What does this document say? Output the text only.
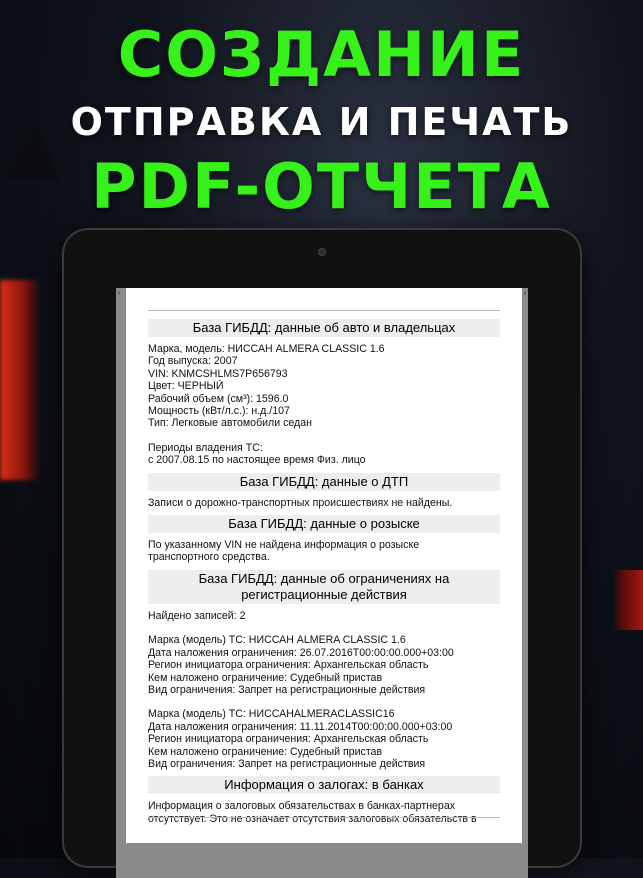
СОЗДАНИЕ
ОТПРАВКА И ПЕЧАТЬ
PDF-ОТЧЕТА
‹	›
База ГИБДД: данные об авто и владельцах
Марка, модель: НИССАН ALMERA CLASSIC 1.6
Год выпуска: 2007
VIN: KNMCSHLMS7P656793
Цвет: ЧЕРНЫЙ
Рабочий объем (см³): 1596.0
Мощность (кВт/л.с.): н.д./107
Тип: Легковые автомобили седан
Периоды владения ТС:
с 2007.08.15 по настоящее время Физ. лицо
База ГИБДД: данные о ДТП
Записи о дорожно-транспортных происшествиях не найдены.
База ГИБДД: данные о розыске
По указанному VIN не найдена информация о розыске
транспортного средства.
База ГИБДД: данные об ограничениях на
регистрационные действия
Найдено записей: 2
Марка (модель) ТС: НИССАН ALMERA CLASSIC 1.6
Дата наложения ограничения: 26.07.2016T00:00:00.000+03:00
Регион инициатора ограничения: Архангельская область
Кем наложено ограничение: Судебный пристав
Вид ограничения: Запрет на регистрационные действия
Марка (модель) ТС: НИССАНALMERACLASSIC16
Дата наложения ограничения: 11.11.2014T00:00:00.000+03:00
Регион инициатора ограничения: Архангельская область
Кем наложено ограничение: Судебный пристав
Вид ограничения: Запрет на регистрационные действия
Информация о залогах: в банках
Информация о залоговых обязательствах в банках-партнерах
отсутствует. Это не означает отсутствия залоговых обязательств в
